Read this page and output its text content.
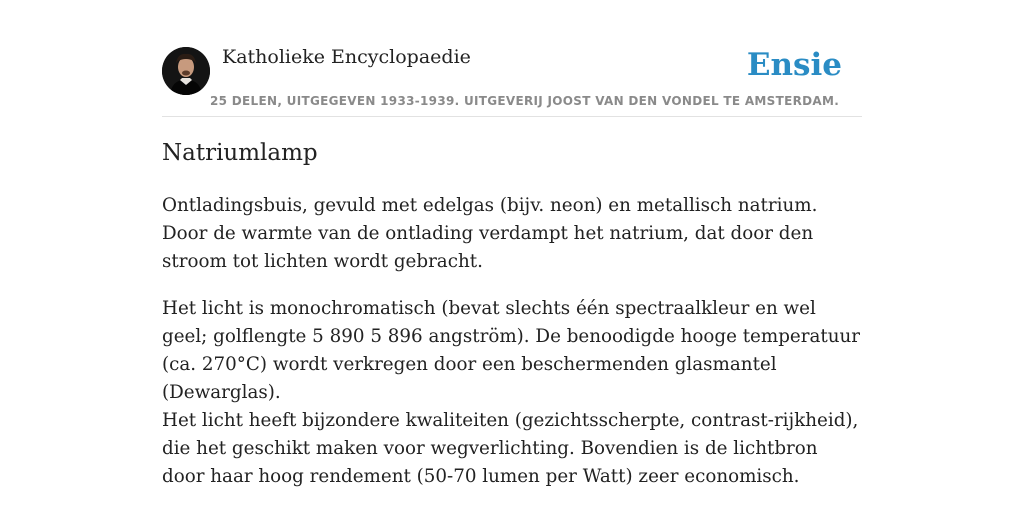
Katholieke Encyclopaedie
25 DELEN, UITGEGEVEN 1933-1939. UITGEVERIJ JOOST VAN DEN VONDEL TE AMSTERDAM.
Ensie
Natriumlamp

Ontladingsbuis, gevuld met edelgas (bijv. neon) en metallisch natrium. Door de warmte van de ontlading verdampt het natrium, dat door den stroom tot lichten wordt gebracht.

Het licht is monochromatisch (bevat slechts één spectraalkleur en wel geel; golflengte 5 890 5 896 angström). De benoodigde hooge temperatuur (ca. 270°C) wordt verkregen door een beschermenden glasmantel (Dewarglas).

Het licht heeft bijzondere kwaliteiten (gezichtsscherpte, contrast-rijkheid), die het geschikt maken voor wegverlichting. Bovendien is de lichtbron door haar hoog rendement (50-70 lumen per Watt) zeer economisch.
